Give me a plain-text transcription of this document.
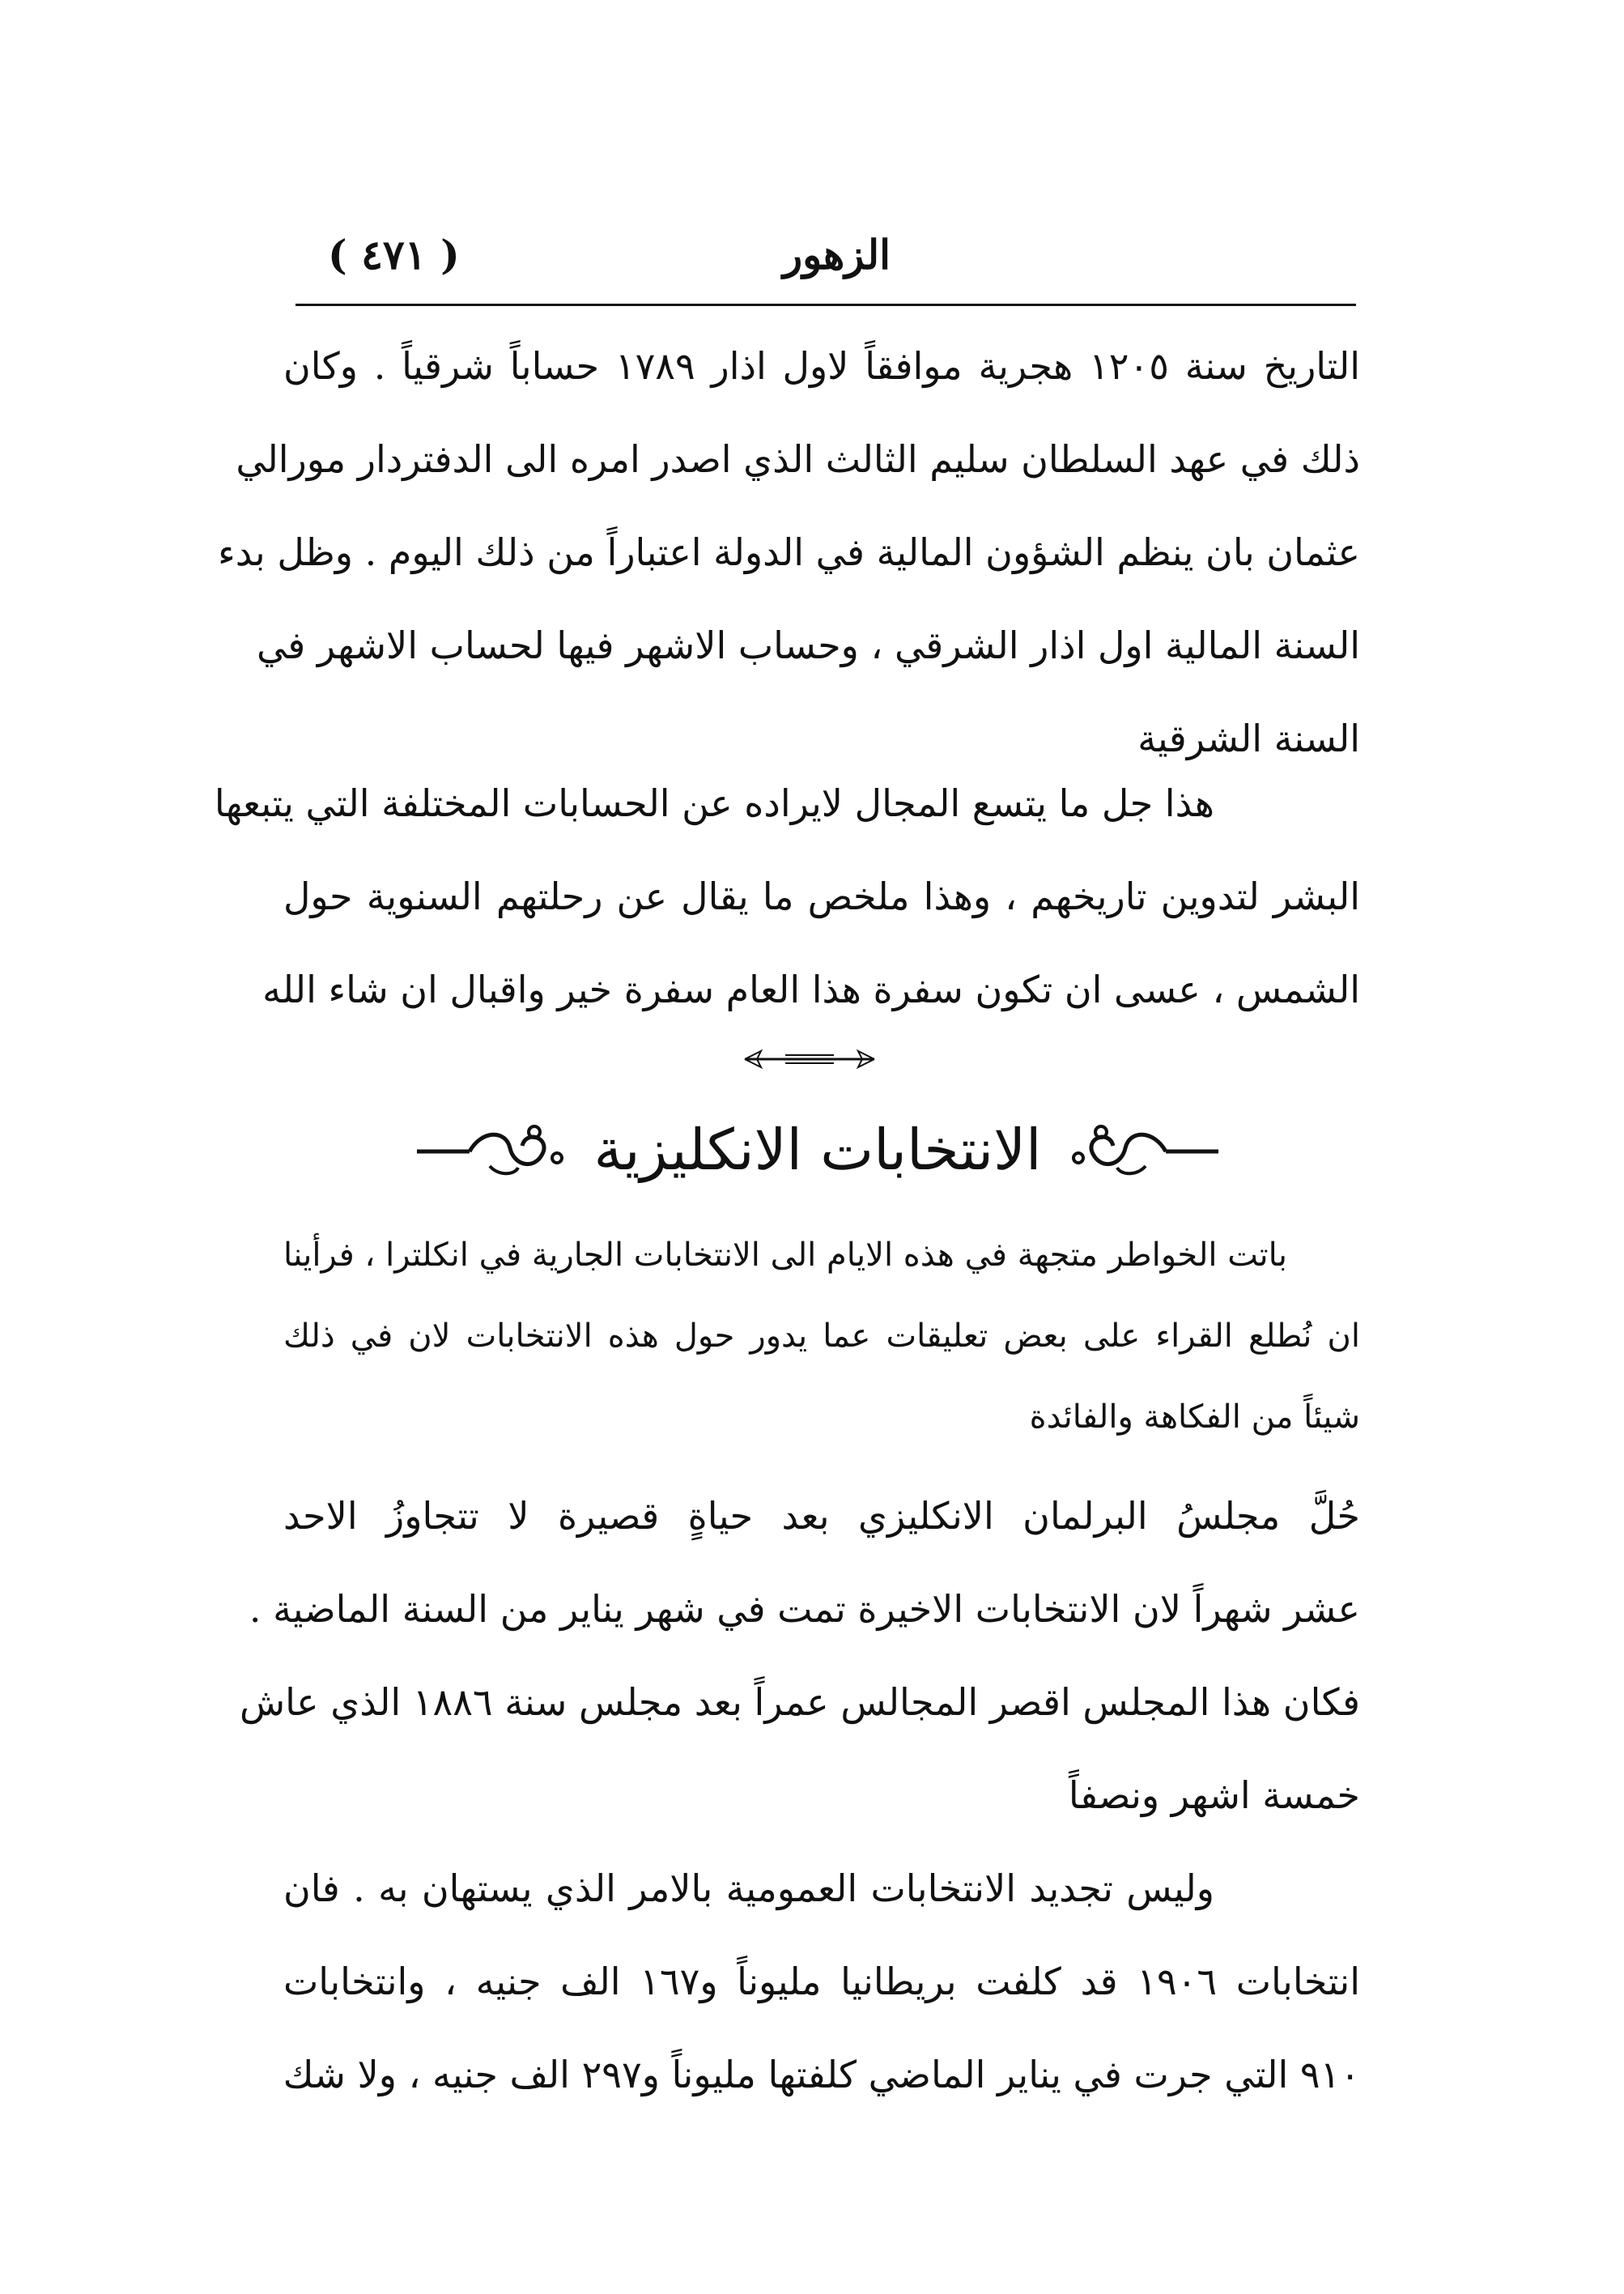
الزهور
( ٤٧١ )
التاريخ سنة ١٢٠٥ هجرية موافقاً لاول اذار ١٧٨٩ حساباً شرقياً . وكان
ذلك في عهد السلطان سليم الثالث الذي اصدر امره الى الدفتردار مورالي
عثمان بان ينظم الشؤون المالية في الدولة اعتباراً من ذلك اليوم . وظل بدء
السنة المالية اول اذار الشرقي ، وحساب الاشهر فيها لحساب الاشهر في
السنة الشرقية
هذا جل ما يتسع المجال لايراده عن الحسابات المختلفة التي يتبعها
البشر لتدوين تاريخهم ، وهذا ملخص ما يقال عن رحلتهم السنوية حول
الشمس ، عسى ان تكون سفرة هذا العام سفرة خير واقبال ان شاء الله
الانتخابات الانكليزية
باتت الخواطر متجهة في هذه الايام الى الانتخابات الجارية في انكلترا ، فرأينا
ان نُطلع القراء على بعض تعليقات عما يدور حول هذه الانتخابات لان في ذلك
شيئاً من الفكاهة والفائدة
حُلَّ مجلسُ البرلمان الانكليزي بعد حياةٍ قصيرة لا تتجاوزُ الاحد
عشر شهراً لان الانتخابات الاخيرة تمت في شهر يناير من السنة الماضية .
فكان هذا المجلس اقصر المجالس عمراً بعد مجلس سنة ١٨٨٦ الذي عاش
خمسة اشهر ونصفاً
وليس تجديد الانتخابات العمومية بالامر الذي يستهان به . فان
انتخابات ١٩٠٦ قد كلفت بريطانيا مليوناً و١٦٧ الف جنيه ، وانتخابات
٩١٠ التي جرت في يناير الماضي كلفتها مليوناً و٢٩٧ الف جنيه ، ولا شك
